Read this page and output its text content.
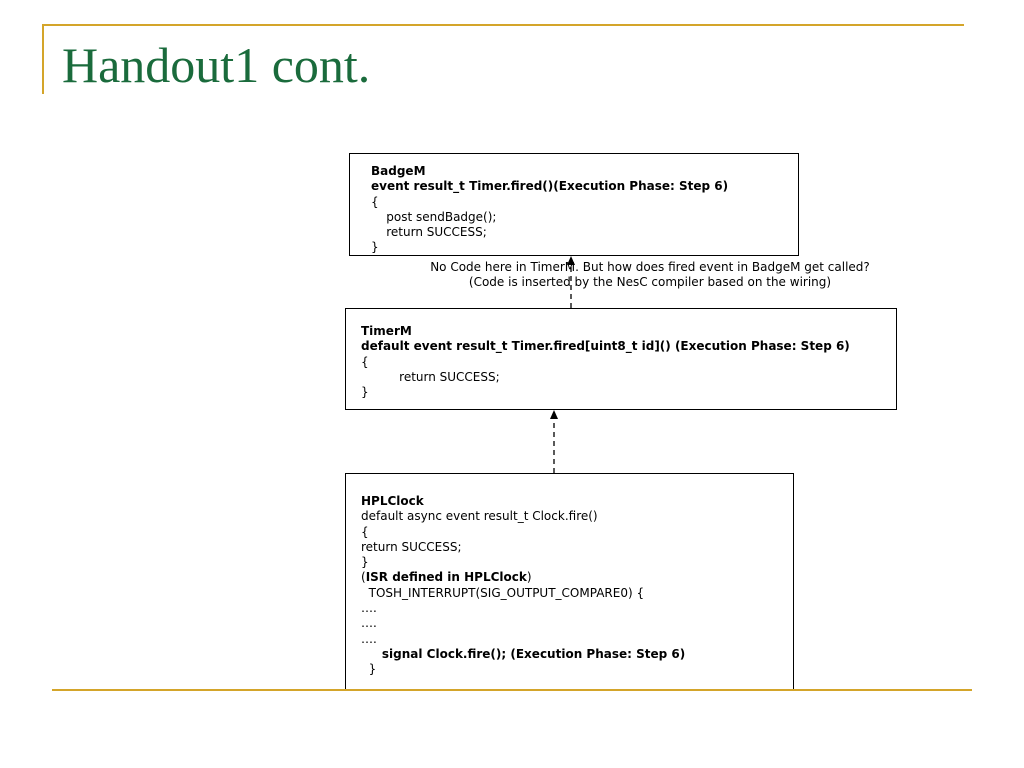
Handout1 cont.
BadgeM
event result_t Timer.fired()(Execution Phase: Step 6)
{
post sendBadge();
return SUCCESS;
}
No Code here in TimerM. But how does fired event in BadgeM get called?
(Code is inserted by the NesC compiler based on the wiring)
TimerM
default event result_t Timer.fired[uint8_t id]() (Execution Phase: Step 6)
{
return SUCCESS;
}
HPLClock
default async event result_t Clock.fire()
{
return SUCCESS;
}
(ISR defined in HPLClock)
TOSH_INTERRUPT(SIG_OUTPUT_COMPARE0) {
….
….
….
signal Clock.fire(); (Execution Phase: Step 6)
}
